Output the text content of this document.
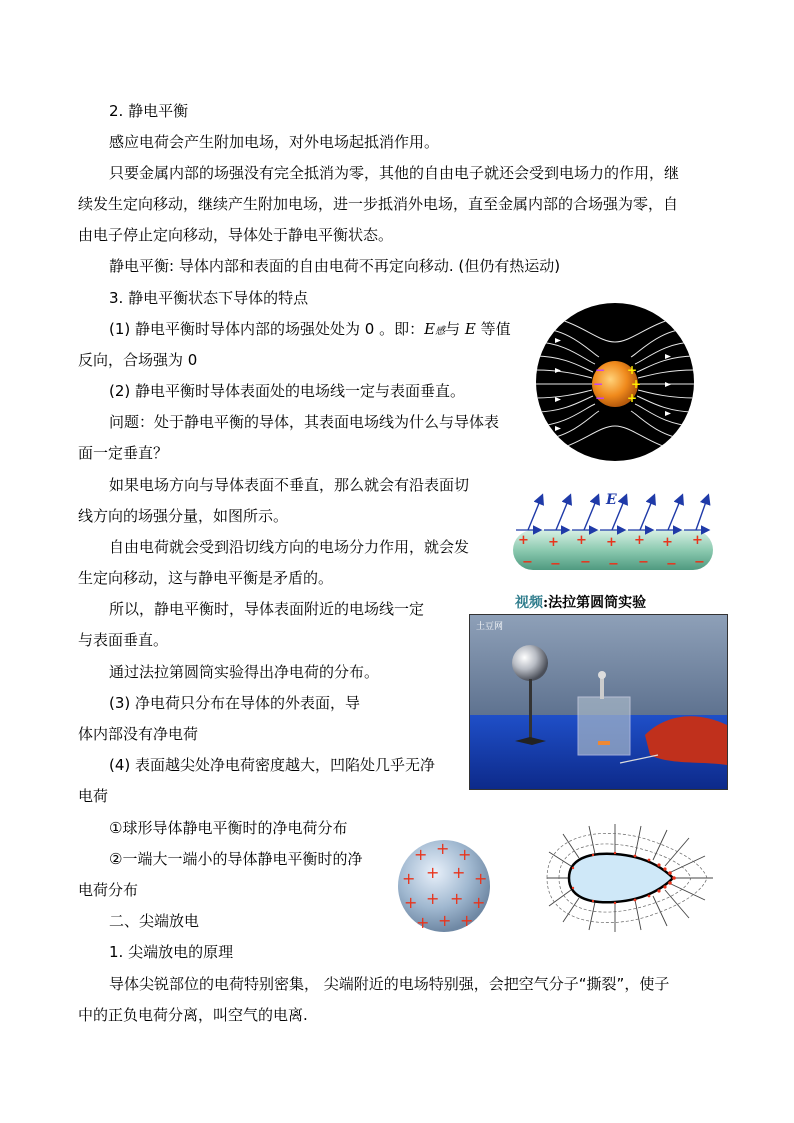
2. 静电平衡
感应电荷会产生附加电场，对外电场起抵消作用。
只要金属内部的场强没有完全抵消为零，其他的自由电子就还会受到电场力的作用，继
续发生定向移动，继续产生附加电场，进一步抵消外电场，直至金属内部的合场强为零，自
由电子停止定向移动，导体处于静电平衡状态。
静电平衡: 导体内部和表面的自由电荷不再定向移动. (但仍有热运动)
3. 静电平衡状态下导体的特点
(1) 静电平衡时导体内部的场强处处为 0 。即：E感与 E 等值
反向，合场强为 0
(2) 静电平衡时导体表面处的电场线一定与表面垂直。
问题：处于静电平衡的导体，其表面电场线为什么与导体表
面一定垂直？
如果电场方向与导体表面不垂直，那么就会有沿表面切
线方向的场强分量，如图所示。
自由电荷就会受到沿切线方向的电场分力作用，就会发
生定向移动，这与静电平衡是矛盾的。
所以，静电平衡时，导体表面附近的电场线一定
与表面垂直。
通过法拉第圆筒实验得出净电荷的分布。
(3) 净电荷只分布在导体的外表面，导
体内部没有净电荷
(4) 表面越尖处净电荷密度越大，凹陷处几乎无净
电荷
①球形导体静电平衡时的净电荷分布
②一端大一端小的导体静电平衡时的净
电荷分布
二、尖端放电
1. 尖端放电的原理
导体尖锐部位的电荷特别密集， 尖端附近的电场特别强，会把空气分子“撕裂”，使子
中的正负电荷分离，叫空气的电离.
−
−
−
+
+
+
E
+ + + + + + +
− − − − − − −
视频:法拉第圆筒实验
土豆网
+ + +
+	+
+ +
+	+
+ + +
+ +
